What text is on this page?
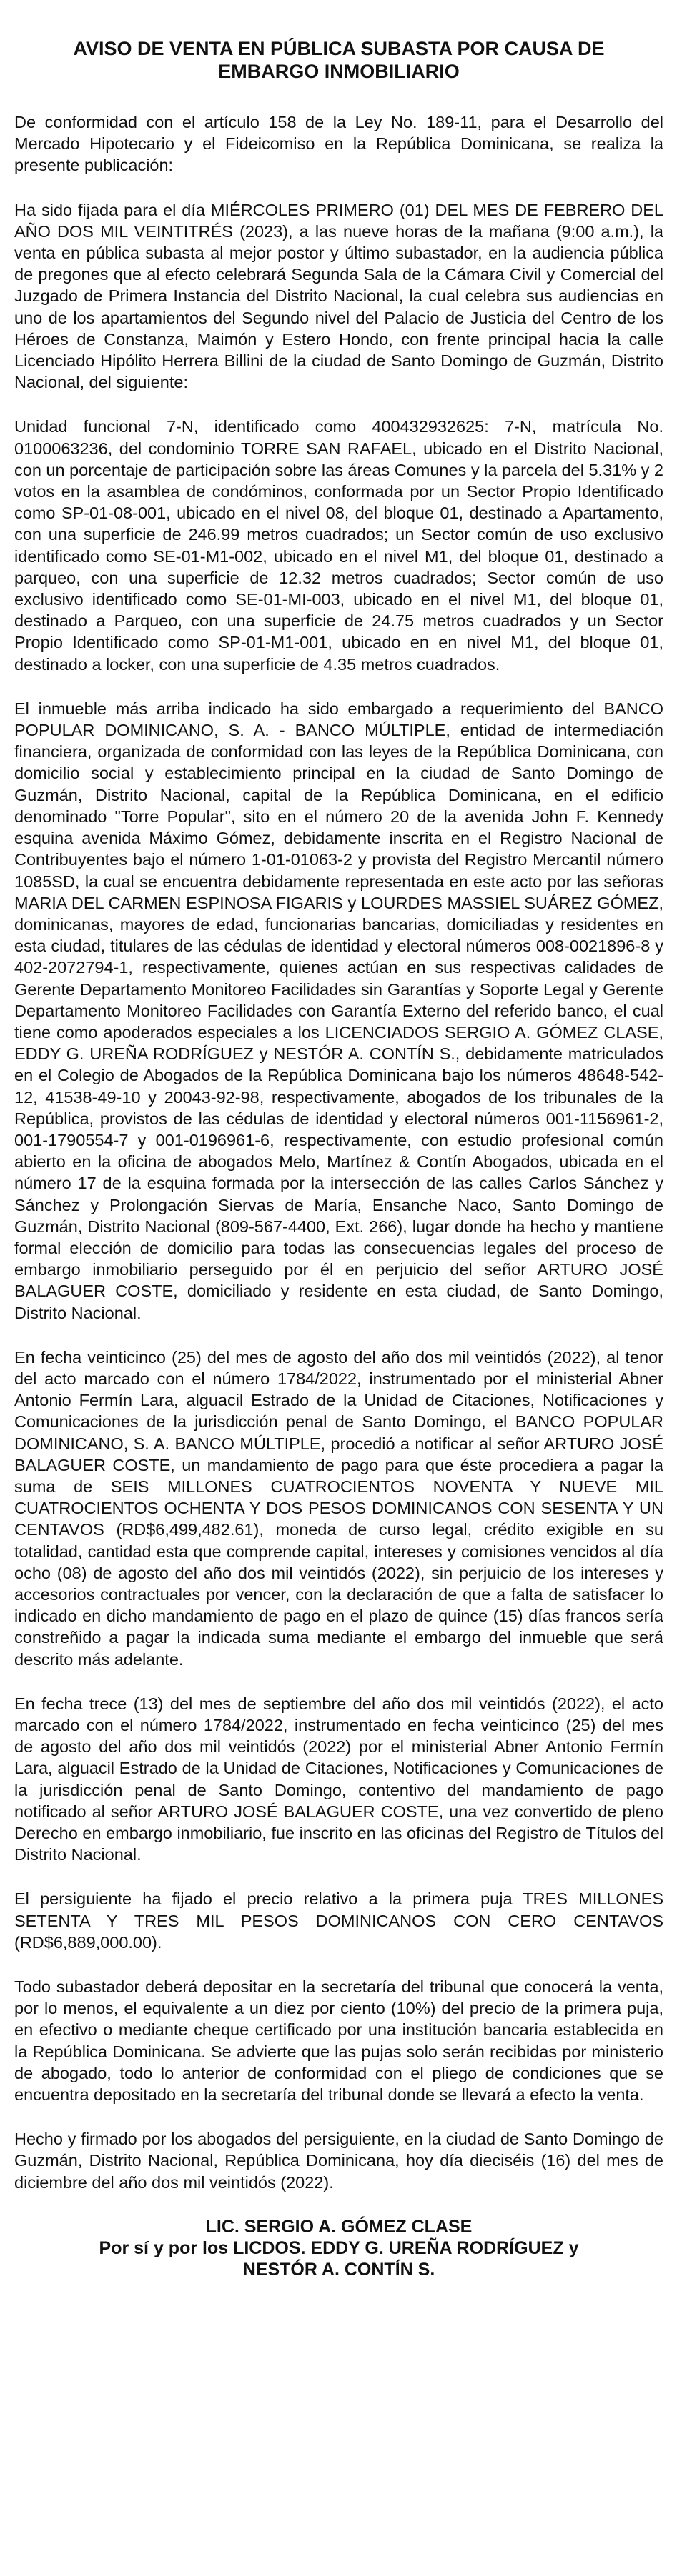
AVISO DE VENTA EN PÚBLICA SUBASTA POR CAUSA DE
EMBARGO INMOBILIARIO

De conformidad con el artículo 158 de la Ley No. 189-11, para el Desarrollo del Mercado Hipotecario y el Fideicomiso en la República Dominicana, se realiza la presente publicación:

Ha sido fijada para el día MIÉRCOLES PRIMERO (01) DEL MES DE FEBRERO DEL AÑO DOS MIL VEINTITRÉS (2023), a las nueve horas de la mañana (9:00 a.m.), la venta en pública subasta al mejor postor y último subastador, en la audiencia pública de pregones que al efecto celebrará Segunda Sala de la Cámara Civil y Comercial del Juzgado de Primera Instancia del Distrito Nacional, la cual celebra sus audiencias en uno de los apartamientos del Segundo nivel del Palacio de Justicia del Centro de los Héroes de Constanza, Maimón y Estero Hondo, con frente principal hacia la calle Licenciado Hipólito Herrera Billini de la ciudad de Santo Domingo de Guzmán, Distrito Nacional, del siguiente:

Unidad funcional 7-N, identificado como 400432932625: 7-N, matrícula No. 0100063236, del condominio TORRE SAN RAFAEL, ubicado en el Distrito Nacional, con un porcentaje de participación sobre las áreas Comunes y la parcela del 5.31% y 2 votos en la asamblea de condóminos, conformada por un Sector Propio Identificado como SP-01-08-001, ubicado en el nivel 08, del bloque 01, destinado a Apartamento, con una superficie de 246.99 metros cuadrados; un Sector común de uso exclusivo identificado como SE-01-M1-002, ubicado en el nivel M1, del bloque 01, destinado a parqueo, con una superficie de 12.32 metros cuadrados; Sector común de uso exclusivo identificado como SE-01-MI-003, ubicado en el nivel M1, del bloque 01, destinado a Parqueo, con una superficie de 24.75 metros cuadrados y un Sector Propio Identificado como SP-01-M1-001, ubicado en en nivel M1, del bloque 01, destinado a locker, con una superficie de 4.35 metros cuadrados.

El inmueble más arriba indicado ha sido embargado a requerimiento del BANCO POPULAR DOMINICANO, S. A. - BANCO MÚLTIPLE, entidad de intermediación financiera, organizada de conformidad con las leyes de la República Dominicana, con domicilio social y establecimiento principal en la ciudad de Santo Domingo de Guzmán, Distrito Nacional, capital de la República Dominicana, en el edificio denominado "Torre Popular", sito en el número 20 de la avenida John F. Kennedy esquina avenida Máximo Gómez, debidamente inscrita en el Registro Nacional de Contribuyentes bajo el número 1-01-01063-2 y provista del Registro Mercantil número 1085SD, la cual se encuentra debidamente representada en este acto por las señoras MARIA DEL CARMEN ESPINOSA FIGARIS y LOURDES MASSIEL SUÁREZ GÓMEZ, dominicanas, mayores de edad, funcionarias bancarias, domiciliadas y residentes en esta ciudad, titulares de las cédulas de identidad y electoral números 008-0021896-8 y 402-2072794-1, respectivamente, quienes actúan en sus respectivas calidades de Gerente Departamento Monitoreo Facilidades sin Garantías y Soporte Legal y Gerente Departamento Monitoreo Facilidades con Garantía Externo del referido banco, el cual tiene como apoderados especiales a los LICENCIADOS SERGIO A. GÓMEZ CLASE, EDDY G. UREÑA RODRÍGUEZ y NESTÓR A. CONTÍN S., debidamente matriculados en el Colegio de Abogados de la República Dominicana bajo los números 48648-542-12, 41538-49-10 y 20043-92-98, respectivamente, abogados de los tribunales de la República, provistos de las cédulas de identidad y electoral números 001-1156961-2, 001-1790554-7 y 001-0196961-6, respectivamente, con estudio profesional común abierto en la oficina de abogados Melo, Martínez & Contín Abogados, ubicada en el número 17 de la esquina formada por la intersección de las calles Carlos Sánchez y Sánchez y Prolongación Siervas de María, Ensanche Naco, Santo Domingo de Guzmán, Distrito Nacional (809-567-4400, Ext. 266), lugar donde ha hecho y mantiene formal elección de domicilio para todas las consecuencias legales del proceso de embargo inmobiliario perseguido por él en perjuicio del señor ARTURO JOSÉ BALAGUER COSTE, domiciliado y residente en esta ciudad, de Santo Domingo, Distrito Nacional.

En fecha veinticinco (25) del mes de agosto del año dos mil veintidós (2022), al tenor del acto marcado con el número 1784/2022, instrumentado por el ministerial Abner Antonio Fermín Lara, alguacil Estrado de la Unidad de Citaciones, Notificaciones y Comunicaciones de la jurisdicción penal de Santo Domingo, el BANCO POPULAR DOMINICANO, S. A. BANCO MÚLTIPLE, procedió a notificar al señor ARTURO JOSÉ BALAGUER COSTE, un mandamiento de pago para que éste procediera a pagar la suma de SEIS MILLONES CUATROCIENTOS NOVENTA Y NUEVE MIL CUATROCIENTOS OCHENTA Y DOS PESOS DOMINICANOS CON SESENTA Y UN CENTAVOS (RD$6,499,482.61), moneda de curso legal, crédito exigible en su totalidad, cantidad esta que comprende capital, intereses y comisiones vencidos al día ocho (08) de agosto del año dos mil veintidós (2022), sin perjuicio de los intereses y accesorios contractuales por vencer, con la declaración de que a falta de satisfacer lo indicado en dicho mandamiento de pago en el plazo de quince (15) días francos sería constreñido a pagar la indicada suma mediante el embargo del inmueble que será descrito más adelante.

En fecha trece (13) del mes de septiembre del año dos mil veintidós (2022), el acto marcado con el número 1784/2022, instrumentado en fecha veinticinco (25) del mes de agosto del año dos mil veintidós (2022) por el ministerial Abner Antonio Fermín Lara, alguacil Estrado de la Unidad de Citaciones, Notificaciones y Comunicaciones de la jurisdicción penal de Santo Domingo, contentivo del mandamiento de pago notificado al señor ARTURO JOSÉ BALAGUER COSTE, una vez convertido de pleno Derecho en embargo inmobiliario, fue inscrito en las oficinas del Registro de Títulos del Distrito Nacional.

El persiguiente ha fijado el precio relativo a la primera puja TRES MILLONES SETENTA Y TRES MIL PESOS DOMINICANOS CON CERO CENTAVOS (RD$6,889,000.00).

Todo subastador deberá depositar en la secretaría del tribunal que conocerá la venta, por lo menos, el equivalente a un diez por ciento (10%) del precio de la primera puja, en efectivo o mediante cheque certificado por una institución bancaria establecida en la República Dominicana. Se advierte que las pujas solo serán recibidas por ministerio de abogado, todo lo anterior de conformidad con el pliego de condiciones que se encuentra depositado en la secretaría del tribunal donde se llevará a efecto la venta.

Hecho y firmado por los abogados del persiguiente, en la ciudad de Santo Domingo de Guzmán, Distrito Nacional, República Dominicana, hoy día dieciséis (16) del mes de diciembre del año dos mil veintidós (2022).

LIC. SERGIO A. GÓMEZ CLASE
Por sí y por los LICDOS. EDDY G. UREÑA RODRÍGUEZ y
NESTÓR A. CONTÍN S.
